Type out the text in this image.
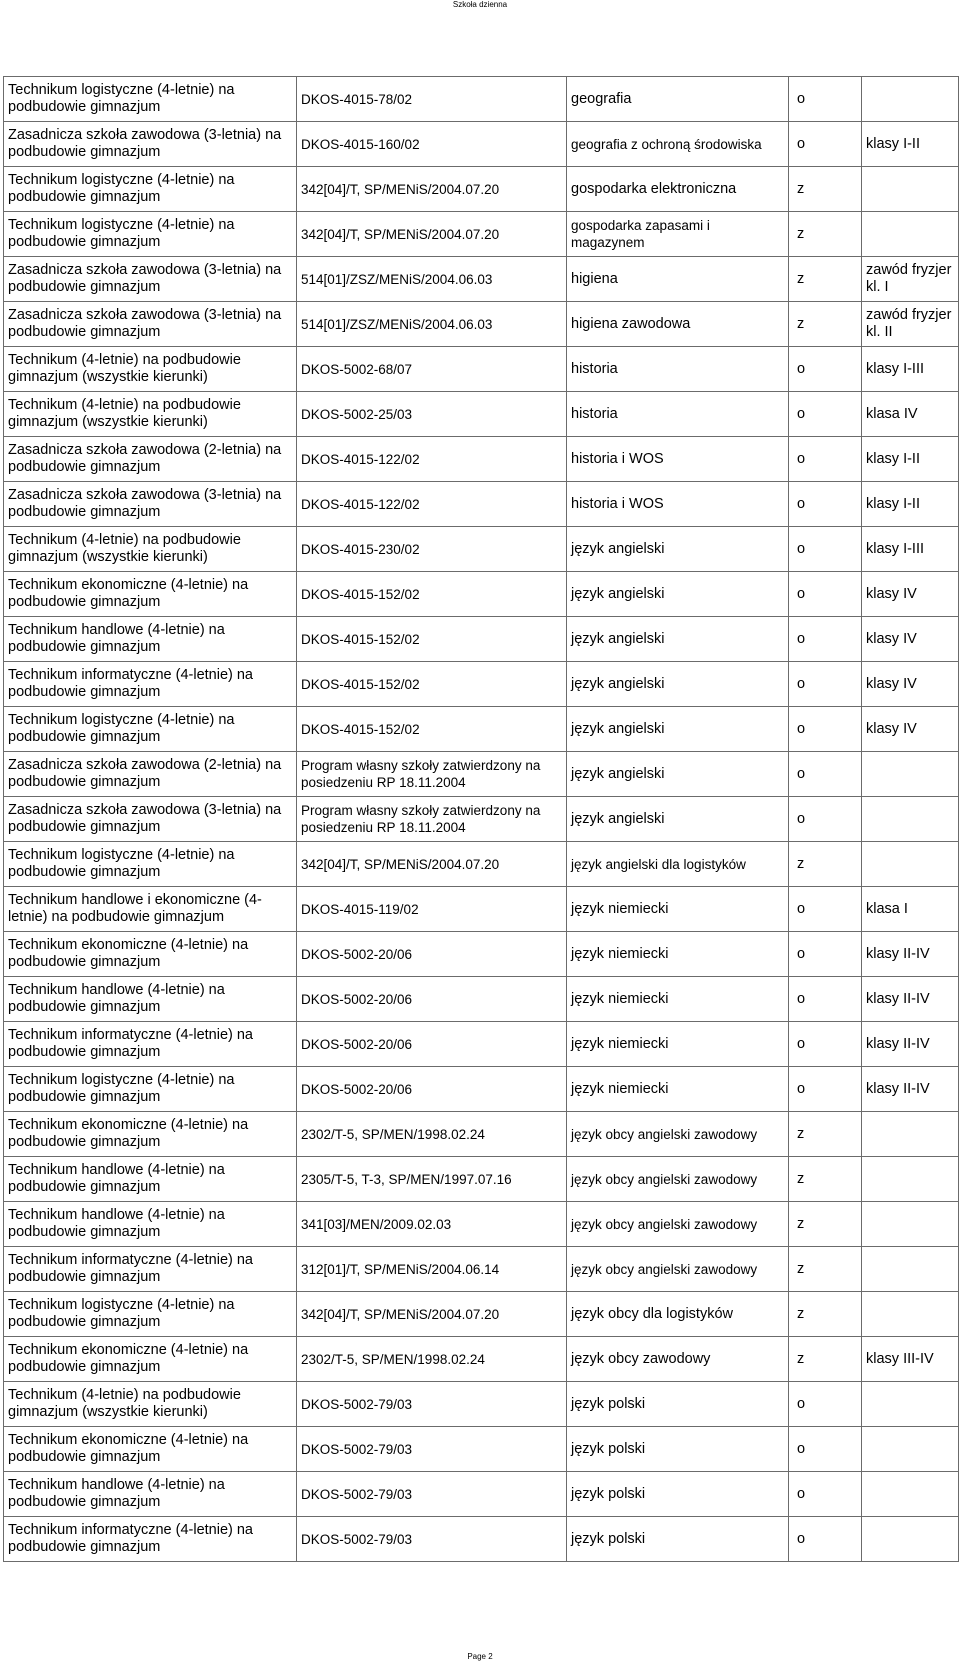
Szkoła dzienna
Technikum logistyczne (4-letnie) na podbudowie gimnazjum	DKOS-4015-78/02	geografia	o	
Zasadnicza szkoła zawodowa (3-letnia) na podbudowie gimnazjum	DKOS-4015-160/02	geografia z ochroną środowiska	o	klasy I-II
Technikum logistyczne (4-letnie) na podbudowie gimnazjum	342[04]/T, SP/MENiS/2004.07.20	gospodarka elektroniczna	z	
Technikum logistyczne (4-letnie) na podbudowie gimnazjum	342[04]/T, SP/MENiS/2004.07.20	gospodarka zapasami i magazynem	z	
Zasadnicza szkoła zawodowa (3-letnia) na podbudowie gimnazjum	514[01]/ZSZ/MENiS/2004.06.03	higiena	z	zawód fryzjer kl. I
Zasadnicza szkoła zawodowa (3-letnia) na podbudowie gimnazjum	514[01]/ZSZ/MENiS/2004.06.03	higiena zawodowa	z	zawód fryzjer kl. II
Technikum (4-letnie) na podbudowie gimnazjum (wszystkie kierunki)	DKOS-5002-68/07	historia	o	klasy I-III
Technikum (4-letnie) na podbudowie gimnazjum (wszystkie kierunki)	DKOS-5002-25/03	historia	o	klasa IV
Zasadnicza szkoła zawodowa (2-letnia) na podbudowie gimnazjum	DKOS-4015-122/02	historia i WOS	o	klasy I-II
Zasadnicza szkoła zawodowa (3-letnia) na podbudowie gimnazjum	DKOS-4015-122/02	historia i WOS	o	klasy I-II
Technikum (4-letnie) na podbudowie gimnazjum (wszystkie kierunki)	DKOS-4015-230/02	język angielski	o	klasy I-III
Technikum ekonomiczne (4-letnie) na podbudowie gimnazjum	DKOS-4015-152/02	język angielski	o	klasy IV
Technikum handlowe (4-letnie) na podbudowie gimnazjum	DKOS-4015-152/02	język angielski	o	klasy IV
Technikum informatyczne (4-letnie) na podbudowie gimnazjum	DKOS-4015-152/02	język angielski	o	klasy IV
Technikum logistyczne (4-letnie) na podbudowie gimnazjum	DKOS-4015-152/02	język angielski	o	klasy IV
Zasadnicza szkoła zawodowa (2-letnia) na podbudowie gimnazjum	Program własny szkoły zatwierdzony na posiedzeniu RP 18.11.2004	język angielski	o	
Zasadnicza szkoła zawodowa (3-letnia) na podbudowie gimnazjum	Program własny szkoły zatwierdzony na posiedzeniu RP 18.11.2004	język angielski	o	
Technikum logistyczne (4-letnie) na podbudowie gimnazjum	342[04]/T, SP/MENiS/2004.07.20	język angielski dla logistyków	z	
Technikum handlowe i ekonomiczne (4-letnie) na podbudowie gimnazjum	DKOS-4015-119/02	język niemiecki	o	klasa I
Technikum ekonomiczne (4-letnie) na podbudowie gimnazjum	DKOS-5002-20/06	język niemiecki	o	klasy II-IV
Technikum handlowe (4-letnie) na podbudowie gimnazjum	DKOS-5002-20/06	język niemiecki	o	klasy II-IV
Technikum informatyczne (4-letnie) na podbudowie gimnazjum	DKOS-5002-20/06	język niemiecki	o	klasy II-IV
Technikum logistyczne (4-letnie) na podbudowie gimnazjum	DKOS-5002-20/06	język niemiecki	o	klasy II-IV
Technikum ekonomiczne (4-letnie) na podbudowie gimnazjum	2302/T-5, SP/MEN/1998.02.24	język obcy angielski zawodowy	z	
Technikum handlowe (4-letnie) na podbudowie gimnazjum	2305/T-5, T-3, SP/MEN/1997.07.16	język obcy angielski zawodowy	z	
Technikum handlowe (4-letnie) na podbudowie gimnazjum	341[03]/MEN/2009.02.03	język obcy angielski zawodowy	z	
Technikum informatyczne (4-letnie) na podbudowie gimnazjum	312[01]/T, SP/MENiS/2004.06.14	język obcy angielski zawodowy	z	
Technikum logistyczne (4-letnie) na podbudowie gimnazjum	342[04]/T, SP/MENiS/2004.07.20	język obcy dla logistyków	z	
Technikum ekonomiczne (4-letnie) na podbudowie gimnazjum	2302/T-5, SP/MEN/1998.02.24	język obcy zawodowy	z	klasy III-IV
Technikum (4-letnie) na podbudowie gimnazjum (wszystkie kierunki)	DKOS-5002-79/03	język polski	o	
Technikum ekonomiczne (4-letnie) na podbudowie gimnazjum	DKOS-5002-79/03	język polski	o	
Technikum handlowe (4-letnie) na podbudowie gimnazjum	DKOS-5002-79/03	język polski	o	
Technikum informatyczne (4-letnie) na podbudowie gimnazjum	DKOS-5002-79/03	język polski	o	
Page 2
